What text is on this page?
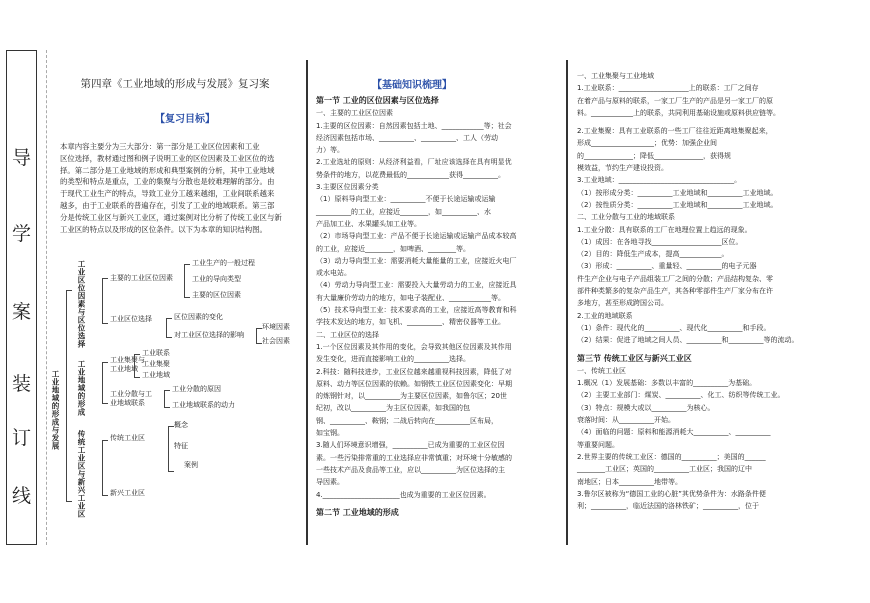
导
学
案
装
订
线
第四章《工业地域的形成与发展》复习案
【复习目标】

本章内容主要分为三大部分：第一部分是工业区位因素和工业

区位选择，教材通过图和例子说明工业的区位因素及工业区位的选

择。第二部分是工业地域的形成和典型案例的分析，其中工业地域

的类型和特点是重点，工业的集聚与分散也是较难理解的部分。由

于现代工业生产的特点，导致工业分工越来越细，工业间联系越来

越多，由于工业联系的普遍存在，引发了工业的地域联系。第三部

分是传统工业区与新兴工业区，通过案例对比分析了传统工业区与新

工业区的特点以及形成的区位条件。以下为本章的知识结构图。

工业地域的形成与发展
工业区位因素与区位选择
工业地域的形成
传统工业区与新兴工业区
主要的工业区位因素
工业区位选择
工业生产的一般过程
工业的导向类型
主要的区位因素
区位因素的变化
对工业区位选择的影响
环境因素
社会因素
工业集聚与工业地域
工业联系
工业集聚
工业地域
工业分散与工业地域联系
工业分散的原因
工业地域联系的动力
传统工业区
概念
特征
案例
新兴工业区
【基础知识梳理】
第一节 工业的区位因素与区位选择
一、主要的工业区位因素
1.主要的区位因素：自然因素包括土地、____________等；社会
经济因素包括市场、__________、__________、工人（劳动
力）等。
2.工业选址的原则：从经济利益看，厂址应该选择在具有明显优
势条件的地方，以花费最低的____________获得__________。
3.主要区位因素分类
（1）原料导向型工业：__________不便于长途运输或运输
__________的工业，应接近________，如__________、水
产品加工业、水果罐头加工业等。
（2）市场导向型工业：产品不便于长途运输或运输产品成本较高
的工业，应接近________，如啤酒、________等。
（3）动力导向型工业：需要消耗大量能量的工业，应接近火电厂
或水电站。
（4）劳动力导向型工业：需要投入大量劳动力的工业，应接近具
有大量廉价劳动力的地方，如电子装配业、____________等。
（5）技术导向型工业：技术要求高的工业，应接近高等教育和科
学技术发达的地方，如飞机、__________、精密仪器等工业。
二、工业区位的选择
1.一个区位因素及其作用的变化，会导致其他区位因素及其作用
发生变化，进而直接影响工业的__________选择。
2.科技：随科技进步，工业区位越来越重视科技因素，降低了对
原料、动力等区位因素的依赖。如钢铁工业区位因素变化：早期
的炼钢针对，以__________为主要区位因素，如鲁尔区；20世
纪初，改以__________为主区位因素，如我国的包
钢、__________、鞍钢；二战后转向在__________区布局，
如宝钢。
3.随人们环境意识增强，__________已成为重要的工业区位因
素。一些污染排常重的工业选择应非常慎重；对环境十分敏感的
一些技术产品及食品等工业，应以__________为区位选择的主
导因素。
4.______________________也成为重要的工业区位因素。
第二节 工业地域的形成
一、工业集聚与工业地域
1.工业联系：____________________上的联系：工厂之间存
在着产品与原料的联系，一家工厂生产的产品是另一家工厂的原
料。____________上的联系，共同利用基础设施或原料供应链等。
2.工业集聚：具有工业联系的一些工厂往往近距离地集聚起来，
形成__________________；优势：加强企业间
的______________；降低______________，获得规
模效益，节约生产建设投资。
3.工业地域：_________________________________。
（1）按形成分类：__________工业地域和__________工业地域。
（2）按性质分类：__________工业地域和__________工业地域。
二、工业分散与工业的地域联系
1.工业分散：具有联系的工厂在地理位置上趋远的现象。
（1）成因：在各地寻找____________________区位。
（2）目的：降低生产成本，提高____________。
（3）形成：__________、重量轻、__________的电子元器
件生产企业与电子产品组装工厂之间的分散；产品结构复杂、零
部件种类繁多的复杂产品生产，其各种零部件生产厂家分布在许
多地方，甚至形成跨国公司。
2.工业的地域联系
（1）条件：现代化的__________、现代化__________和手段。
（2）结果：促进了地域之间人员、__________和__________等的流动。
第三节 传统工业区与新兴工业区
一、传统工业区
1.概况（1）发展基础：多数以丰富的__________为基础。
（2）主要工业部门：煤炭、__________、化工、纺织等传统工业。
（3）特点：规模大或以__________为核心。
衰落时间：从__________开始。
（4）面临的问题：原料和能源消耗大__________、__________
等重要问题。
2.世界主要的传统工业区：德国的__________；美国的______
________工业区；英国的__________工业区；我国的辽中
南地区；日本__________地带等。
3.鲁尔区被称为“德国工业的心脏”其优势条件为：水路条件便
利；__________，临近法国的洛林铁矿；__________，位于
